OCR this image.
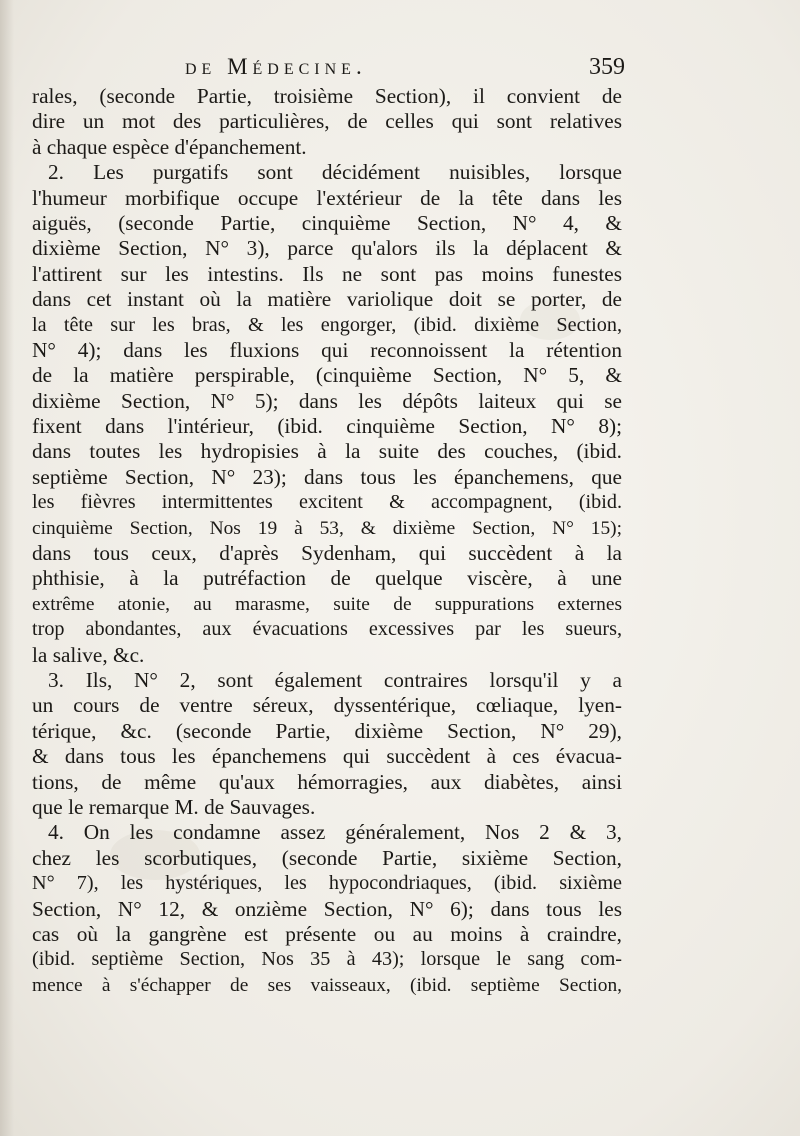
de Médecine.	359
rales, (seconde Partie, troisième Section), il convient de
dire un mot des particulières, de celles qui sont relatives
à chaque espèce d'épanchement.
2. Les purgatifs sont décidément nuisibles, lorsque
l'humeur morbifique occupe l'extérieur de la tête dans les
aiguës, (seconde Partie, cinquième Section, N° 4, &
dixième Section, N° 3), parce qu'alors ils la déplacent &
l'attirent sur les intestins. Ils ne sont pas moins funestes
dans cet instant où la matière variolique doit se porter, de
la tête sur les bras, & les engorger, (ibid. dixième Section,
N° 4); dans les fluxions qui reconnoissent la rétention
de la matière perspirable, (cinquième Section, N° 5, &
dixième Section, N° 5); dans les dépôts laiteux qui se
fixent dans l'intérieur, (ibid. cinquième Section, N° 8);
dans toutes les hydropisies à la suite des couches, (ibid.
septième Section, N° 23); dans tous les épanchemens, que
les fièvres intermittentes excitent & accompagnent, (ibid.
cinquième Section, Nos 19 à 53, & dixième Section, N° 15);
dans tous ceux, d'après Sydenham, qui succèdent à la
phthisie, à la putréfaction de quelque viscère, à une
extrême atonie, au marasme, suite de suppurations externes
trop abondantes, aux évacuations excessives par les sueurs,
la salive, &c.
3. Ils, N° 2, sont également contraires lorsqu'il y a
un cours de ventre séreux, dyssentérique, cœliaque, lyen-
térique, &c. (seconde Partie, dixième Section, N° 29),
& dans tous les épanchemens qui succèdent à ces évacua-
tions, de même qu'aux hémorragies, aux diabètes, ainsi
que le remarque M. de Sauvages.
4. On les condamne assez généralement, Nos 2 & 3,
chez les scorbutiques, (seconde Partie, sixième Section,
N° 7), les hystériques, les hypocondriaques, (ibid. sixième
Section, N° 12, & onzième Section, N° 6); dans tous les
cas où la gangrène est présente ou au moins à craindre,
(ibid. septième Section, Nos 35 à 43); lorsque le sang com-
mence à s'échapper de ses vaisseaux, (ibid. septième Section,
